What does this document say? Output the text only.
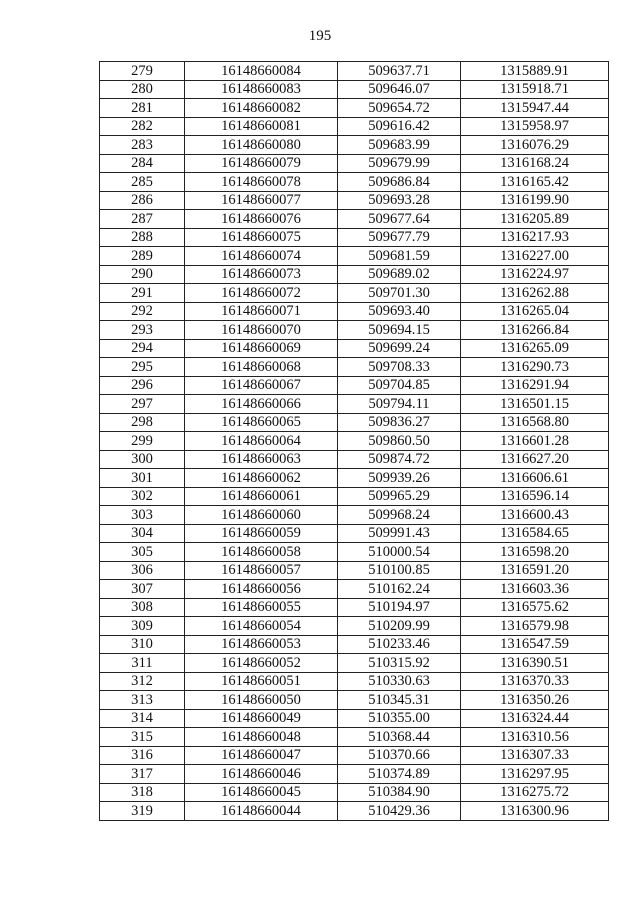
195
279	16148660084	509637.71	1315889.91
280	16148660083	509646.07	1315918.71
281	16148660082	509654.72	1315947.44
282	16148660081	509616.42	1315958.97
283	16148660080	509683.99	1316076.29
284	16148660079	509679.99	1316168.24
285	16148660078	509686.84	1316165.42
286	16148660077	509693.28	1316199.90
287	16148660076	509677.64	1316205.89
288	16148660075	509677.79	1316217.93
289	16148660074	509681.59	1316227.00
290	16148660073	509689.02	1316224.97
291	16148660072	509701.30	1316262.88
292	16148660071	509693.40	1316265.04
293	16148660070	509694.15	1316266.84
294	16148660069	509699.24	1316265.09
295	16148660068	509708.33	1316290.73
296	16148660067	509704.85	1316291.94
297	16148660066	509794.11	1316501.15
298	16148660065	509836.27	1316568.80
299	16148660064	509860.50	1316601.28
300	16148660063	509874.72	1316627.20
301	16148660062	509939.26	1316606.61
302	16148660061	509965.29	1316596.14
303	16148660060	509968.24	1316600.43
304	16148660059	509991.43	1316584.65
305	16148660058	510000.54	1316598.20
306	16148660057	510100.85	1316591.20
307	16148660056	510162.24	1316603.36
308	16148660055	510194.97	1316575.62
309	16148660054	510209.99	1316579.98
310	16148660053	510233.46	1316547.59
311	16148660052	510315.92	1316390.51
312	16148660051	510330.63	1316370.33
313	16148660050	510345.31	1316350.26
314	16148660049	510355.00	1316324.44
315	16148660048	510368.44	1316310.56
316	16148660047	510370.66	1316307.33
317	16148660046	510374.89	1316297.95
318	16148660045	510384.90	1316275.72
319	16148660044	510429.36	1316300.96
